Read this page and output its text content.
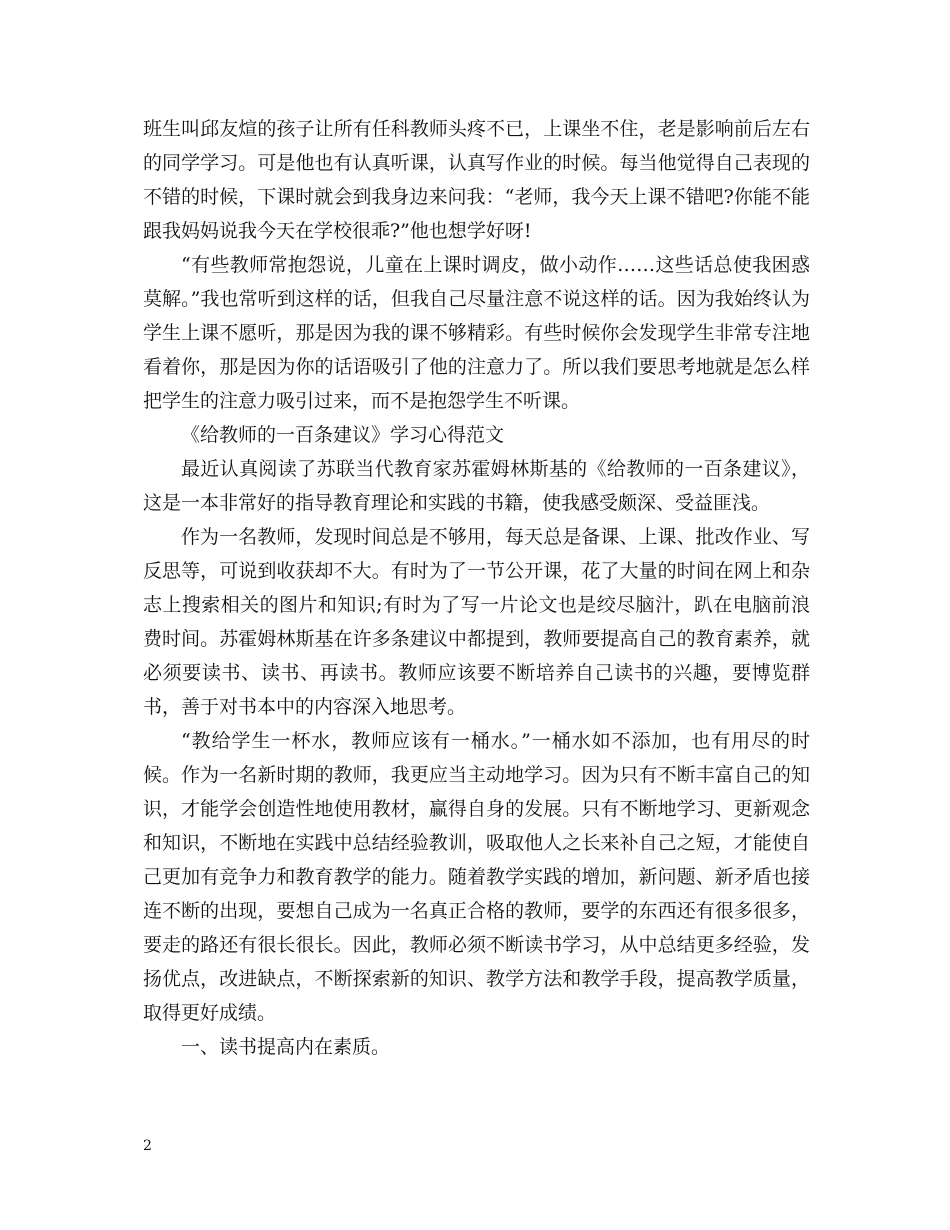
班生叫邱友煊的孩子让所有任科教师头疼不已，上课坐不住，老是影响前后左右的同学学习。可是他也有认真听课，认真写作业的时候。每当他觉得自己表现的不错的时候，下课时就会到我身边来问我：“老师，我今天上课不错吧?你能不能跟我妈妈说我今天在学校很乖?”他也想学好呀!

“有些教师常抱怨说，儿童在上课时调皮，做小动作……这些话总使我困惑莫解。”我也常听到这样的话，但我自己尽量注意不说这样的话。因为我始终认为学生上课不愿听，那是因为我的课不够精彩。有些时候你会发现学生非常专注地看着你，那是因为你的话语吸引了他的注意力了。所以我们要思考地就是怎么样把学生的注意力吸引过来，而不是抱怨学生不听课。

《给教师的一百条建议》学习心得范文

最近认真阅读了苏联当代教育家苏霍姆林斯基的《给教师的一百条建议》，这是一本非常好的指导教育理论和实践的书籍，使我感受颇深、受益匪浅。

作为一名教师，发现时间总是不够用，每天总是备课、上课、批改作业、写反思等，可说到收获却不大。有时为了一节公开课，花了大量的时间在网上和杂志上搜索相关的图片和知识;有时为了写一片论文也是绞尽脑汁，趴在电脑前浪费时间。苏霍姆林斯基在许多条建议中都提到，教师要提高自己的教育素养，就必须要读书、读书、再读书。教师应该要不断培养自己读书的兴趣，要博览群书，善于对书本中的内容深入地思考。

“教给学生一杯水，教师应该有一桶水。”一桶水如不添加，也有用尽的时候。作为一名新时期的教师，我更应当主动地学习。因为只有不断丰富自己的知识，才能学会创造性地使用教材，赢得自身的发展。只有不断地学习、更新观念和知识，不断地在实践中总结经验教训，吸取他人之长来补自己之短，才能使自己更加有竞争力和教育教学的能力。随着教学实践的增加，新问题、新矛盾也接连不断的出现，要想自己成为一名真正合格的教师，要学的东西还有很多很多，要走的路还有很长很长。因此，教师必须不断读书学习，从中总结更多经验，发扬优点，改进缺点，不断探索新的知识、教学方法和教学手段，提高教学质量，取得更好成绩。

一、读书提高内在素质。

2
